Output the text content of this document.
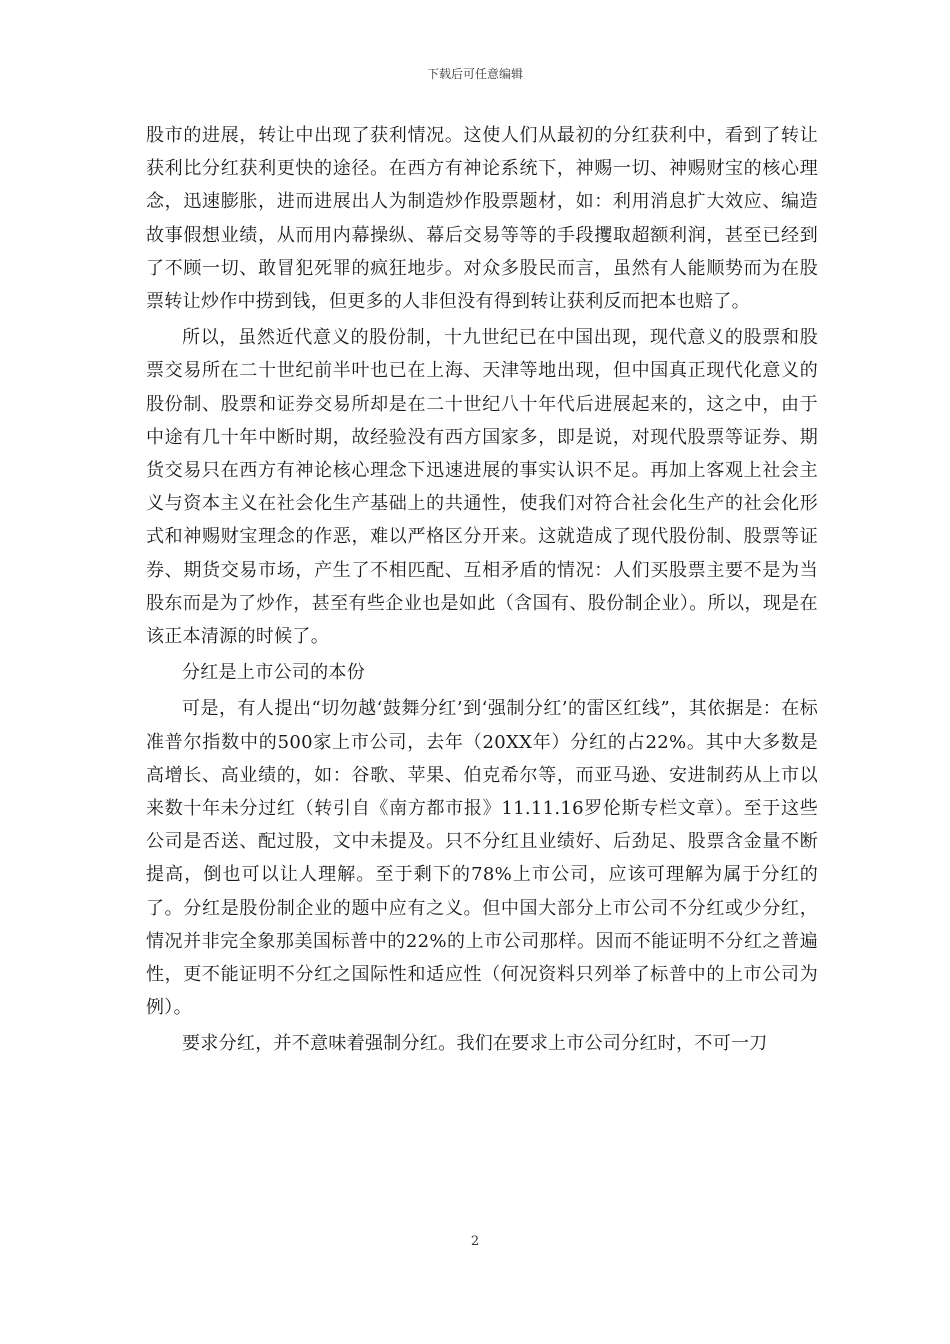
下载后可任意编辑

股市的进展，转让中出现了获利情况。这使人们从最初的分红获利中，看到了转让获利比分红获利更快的途径。在西方有神论系统下，神赐一切、神赐财宝的核心理念，迅速膨胀，进而进展出人为制造炒作股票题材，如：利用消息扩大效应、编造故事假想业绩，从而用内幕操纵、幕后交易等等的手段攫取超额利润，甚至已经到了不顾一切、敢冒犯死罪的疯狂地步。对众多股民而言，虽然有人能顺势而为在股票转让炒作中捞到钱，但更多的人非但没有得到转让获利反而把本也赔了。

所以，虽然近代意义的股份制，十九世纪已在中国出现，现代意义的股票和股票交易所在二十世纪前半叶也已在上海、天津等地出现，但中国真正现代化意义的股份制、股票和证券交易所却是在二十世纪八十年代后进展起来的，这之中，由于中途有几十年中断时期，故经验没有西方国家多，即是说，对现代股票等证券、期货交易只在西方有神论核心理念下迅速进展的事实认识不足。再加上客观上社会主义与资本主义在社会化生产基础上的共通性，使我们对符合社会化生产的社会化形式和神赐财宝理念的作恶，难以严格区分开来。这就造成了现代股份制、股票等证券、期货交易市场，产生了不相匹配、互相矛盾的情况：人们买股票主要不是为当股东而是为了炒作，甚至有些企业也是如此（含国有、股份制企业）。所以，现是在该正本清源的时候了。

分红是上市公司的本份

可是，有人提出“切勿越‘鼓舞分红’到‘强制分红’的雷区红线”，其依据是：在标准普尔指数中的500家上市公司，去年（20XX年）分红的占22%。其中大多数是高增长、高业绩的，如：谷歌、苹果、伯克希尔等，而亚马逊、安进制药从上市以来数十年未分过红（转引自《南方都市报》11.11.16罗伦斯专栏文章）。至于这些公司是否送、配过股，文中未提及。只不分红且业绩好、后劲足、股票含金量不断提高，倒也可以让人理解。至于剩下的78%上市公司，应该可理解为属于分红的了。分红是股份制企业的题中应有之义。但中国大部分上市公司不分红或少分红，情况并非完全象那美国标普中的22%的上市公司那样。因而不能证明不分红之普遍性，更不能证明不分红之国际性和适应性（何况资料只列举了标普中的上市公司为例）。

要求分红，并不意味着强制分红。我们在要求上市公司分红时，不可一刀

2
